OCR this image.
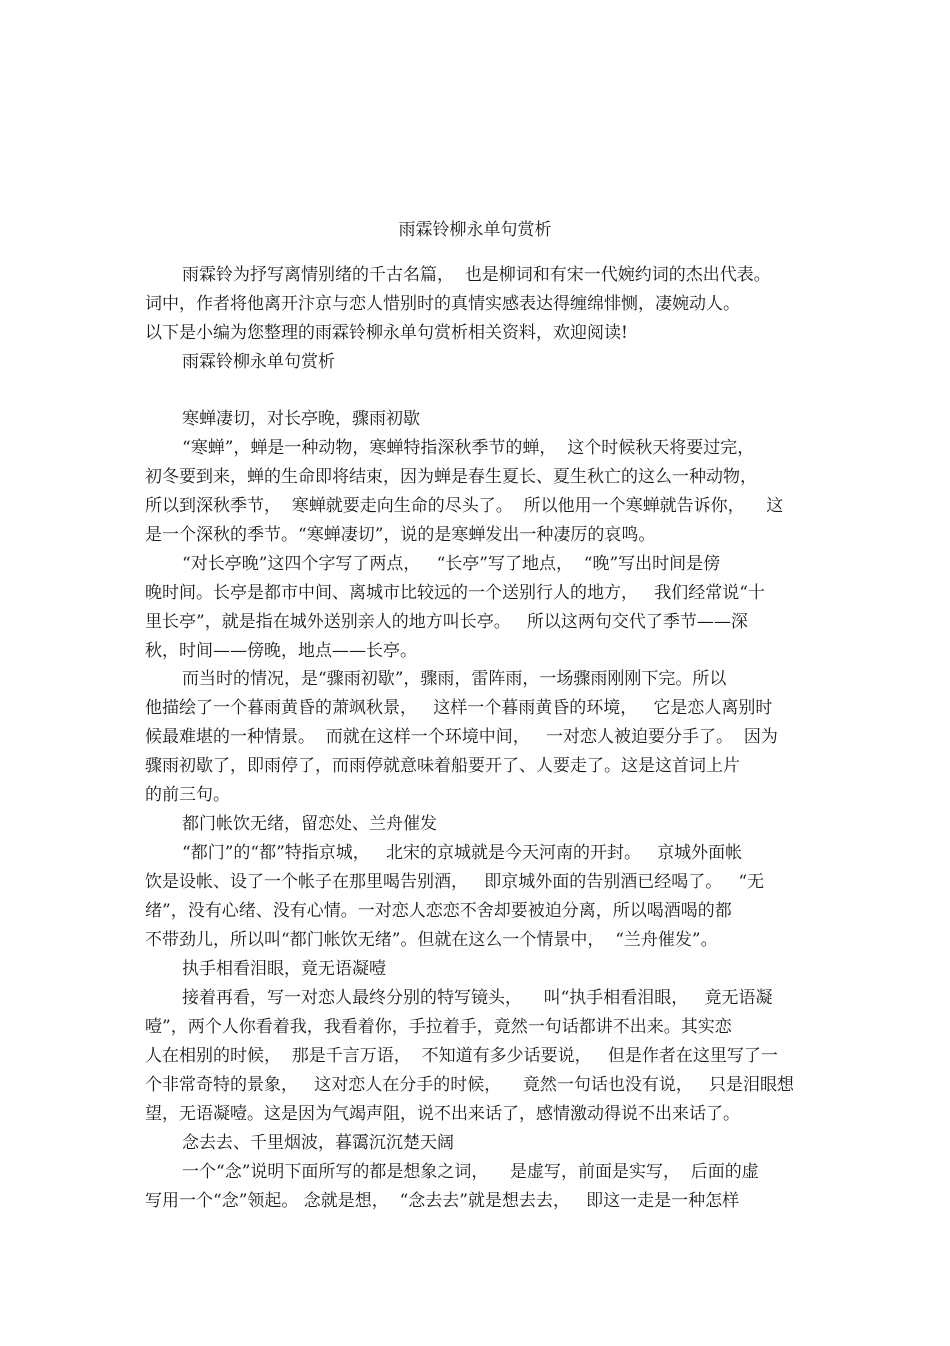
雨霖铃柳永单句赏析
雨霖铃为抒写离情别绪的千古名篇，  也是柳词和有宋一代婉约词的杰出代表。
词中，作者将他离开汴京与恋人惜别时的真情实感表达得缠绵悱恻，凄婉动人。
以下是小编为您整理的雨霖铃柳永单句赏析相关资料，欢迎阅读!
雨霖铃柳永单句赏析
寒蝉凄切，对长亭晚，骤雨初歇
“寒蝉”，蝉是一种动物，寒蝉特指深秋季节的蝉，  这个时候秋天将要过完，
初冬要到来，蝉的生命即将结束，因为蝉是春生夏长、夏生秋亡的这么一种动物，
所以到深秋季节，  寒蝉就要走向生命的尽头了。  所以他用一个寒蝉就告诉你，    这
是一个深秋的季节。“寒蝉凄切”，说的是寒蝉发出一种凄厉的哀鸣。
“对长亭晚”这四个字写了两点，   “长亭”写了地点，  “晚”写出时间是傍
晚时间。长亭是都市中间、离城市比较远的一个送别行人的地方，   我们经常说“十
里长亭”，就是指在城外送别亲人的地方叫长亭。   所以这两句交代了季节——深
秋，时间——傍晚，地点——长亭。
而当时的情况，是“骤雨初歇”，骤雨，雷阵雨，一场骤雨刚刚下完。所以
他描绘了一个暮雨黄昏的萧飒秋景，   这样一个暮雨黄昏的环境，   它是恋人离别时
候最难堪的一种情景。  而就在这样一个环境中间，   一对恋人被迫要分手了。  因为
骤雨初歇了，即雨停了，而雨停就意味着船要开了、人要走了。这是这首词上片
的前三句。
都门帐饮无绪，留恋处、兰舟催发
“都门”的“都”特指京城，   北宋的京城就是今天河南的开封。   京城外面帐
饮是设帐、设了一个帐子在那里喝告别酒，   即京城外面的告别酒已经喝了。   “无
绪”，没有心绪、没有心情。一对恋人恋恋不舍却要被迫分离，所以喝酒喝的都
不带劲儿，所以叫“都门帐饮无绪”。但就在这么一个情景中，  “兰舟催发”。
执手相看泪眼，竟无语凝噎
接着再看，写一对恋人最终分别的特写镜头，    叫“执手相看泪眼，   竟无语凝
噎”，两个人你看着我，我看着你，手拉着手，竟然一句话都讲不出来。其实恋
人在相别的时候，  那是千言万语，  不知道有多少话要说，   但是作者在这里写了一
个非常奇特的景象，   这对恋人在分手的时候，    竟然一句话也没有说，   只是泪眼想
望，无语凝噎。这是因为气竭声阻，说不出来话了，感情激动得说不出来话了。
念去去、千里烟波，暮霭沉沉楚天阔
一个“念”说明下面所写的都是想象之词，    是虚写，前面是实写，  后面的虚
写用一个“念”领起。 念就是想，  “念去去”就是想去去，   即这一走是一种怎样
